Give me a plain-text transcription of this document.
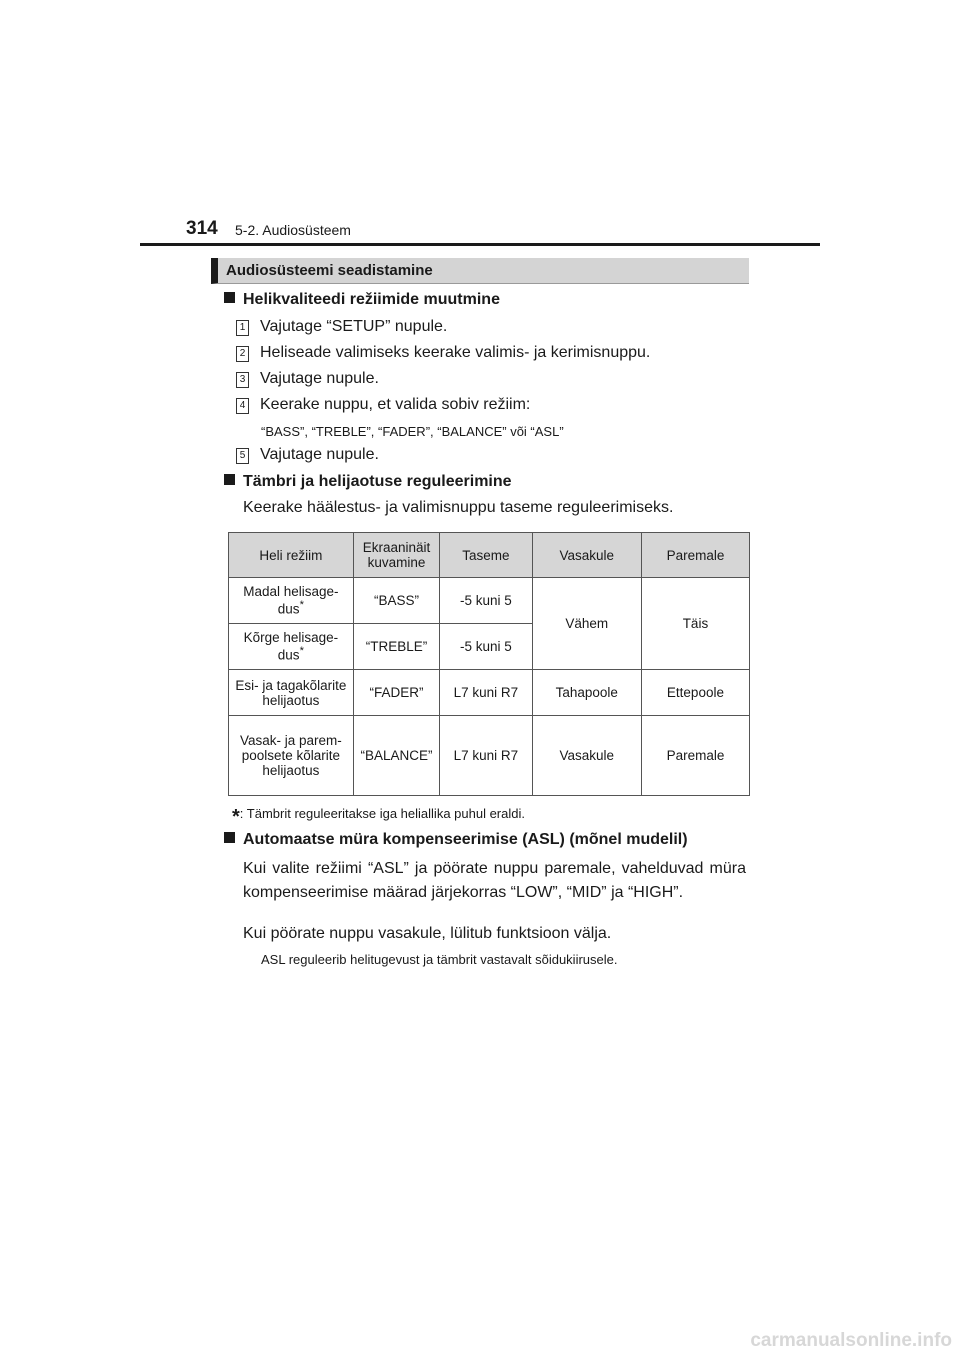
314 5-2. Audiosüsteem
Audiosüsteemi seadistamine
Helikvaliteedi režiimide muutmine
1 Vajutage “SETUP” nupule.
2 Heliseade valimiseks keerake valimis- ja kerimisnuppu.
3 Vajutage nupule.
4 Keerake nuppu, et valida sobiv režiim:
“BASS”, “TREBLE”, “FADER”, “BALANCE” või “ASL”
5 Vajutage nupule.
Tämbri ja helijaotuse reguleerimine
Keerake häälestus- ja valimisnuppu taseme reguleerimiseks.
Heli režiim	Ekraaninäit kuvamine	Taseme	Vasakule	Paremale
Madal helisage-dus*	“BASS”	-5 kuni 5	Vähem	Täis
Kõrge helisage-dus*	“TREBLE”	-5 kuni 5		
Esi- ja tagakõlarite helijaotus	“FADER”	L7 kuni R7	Tahapoole	Ettepoole
Vasak- ja parem-poolsete kõlarite helijaotus	“BALANCE”	L7 kuni R7	Vasakule	Paremale
*: Tämbrit reguleeritakse iga heliallika puhul eraldi.
Automaatse müra kompenseerimise (ASL) (mõnel mudelil)
Kui valite režiimi “ASL” ja pöörate nuppu paremale, vahelduvad müra kompenseerimise määrad järjekorras “LOW”, “MID” ja “HIGH”.
Kui pöörate nuppu vasakule, lülitub funktsioon välja.
ASL reguleerib helitugevust ja tämbrit vastavalt sõidukiirusele.
carmanualsonline.info
